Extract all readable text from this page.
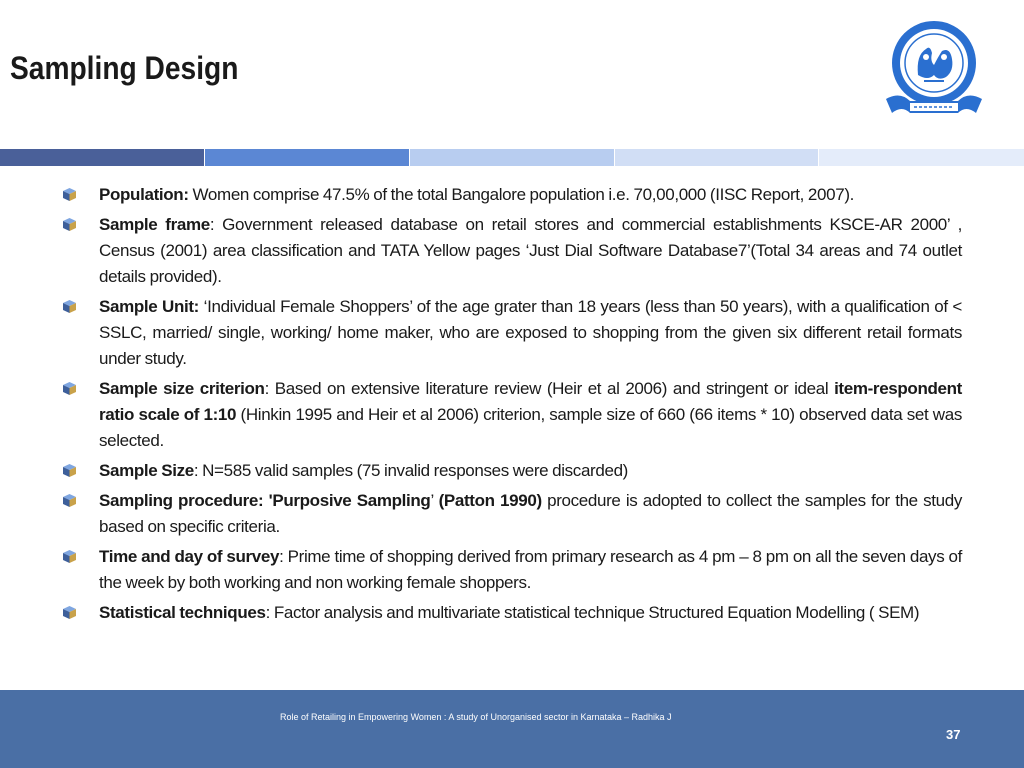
Sampling Design
Population: Women comprise 47.5% of the total Bangalore population i.e. 70,00,000 (IISC Report, 2007).
Sample frame: Government released database on retail stores and commercial establishments KSCE-AR 2000’ , Census (2001) area classification and TATA Yellow pages ‘Just Dial Software Database7’(Total 34 areas and 74 outlet details provided).
Sample Unit: ‘Individual Female Shoppers’ of the age grater than 18 years (less than 50 years), with a qualification of < SSLC, married/ single, working/ home maker, who are exposed to shopping from the given six different retail formats under study.
Sample size criterion: Based on extensive literature review (Heir et al 2006) and stringent or ideal item-respondent ratio scale of 1:10 (Hinkin 1995 and Heir et al 2006) criterion, sample size of 660 (66 items * 10) observed data set was selected.
Sample Size: N=585 valid samples (75 invalid responses were discarded)
Sampling procedure: 'Purposive Sampling’ (Patton 1990) procedure is adopted to collect the samples for the study based on specific criteria.
Time and day of survey: Prime time of shopping derived from primary research as 4 pm – 8 pm on all the seven days of the week by both working and non working female shoppers.
Statistical techniques: Factor analysis and multivariate statistical technique Structured Equation Modelling ( SEM)
Role of Retailing in Empowering Women : A study of Unorganised sector in Karnataka – Radhika J
37
